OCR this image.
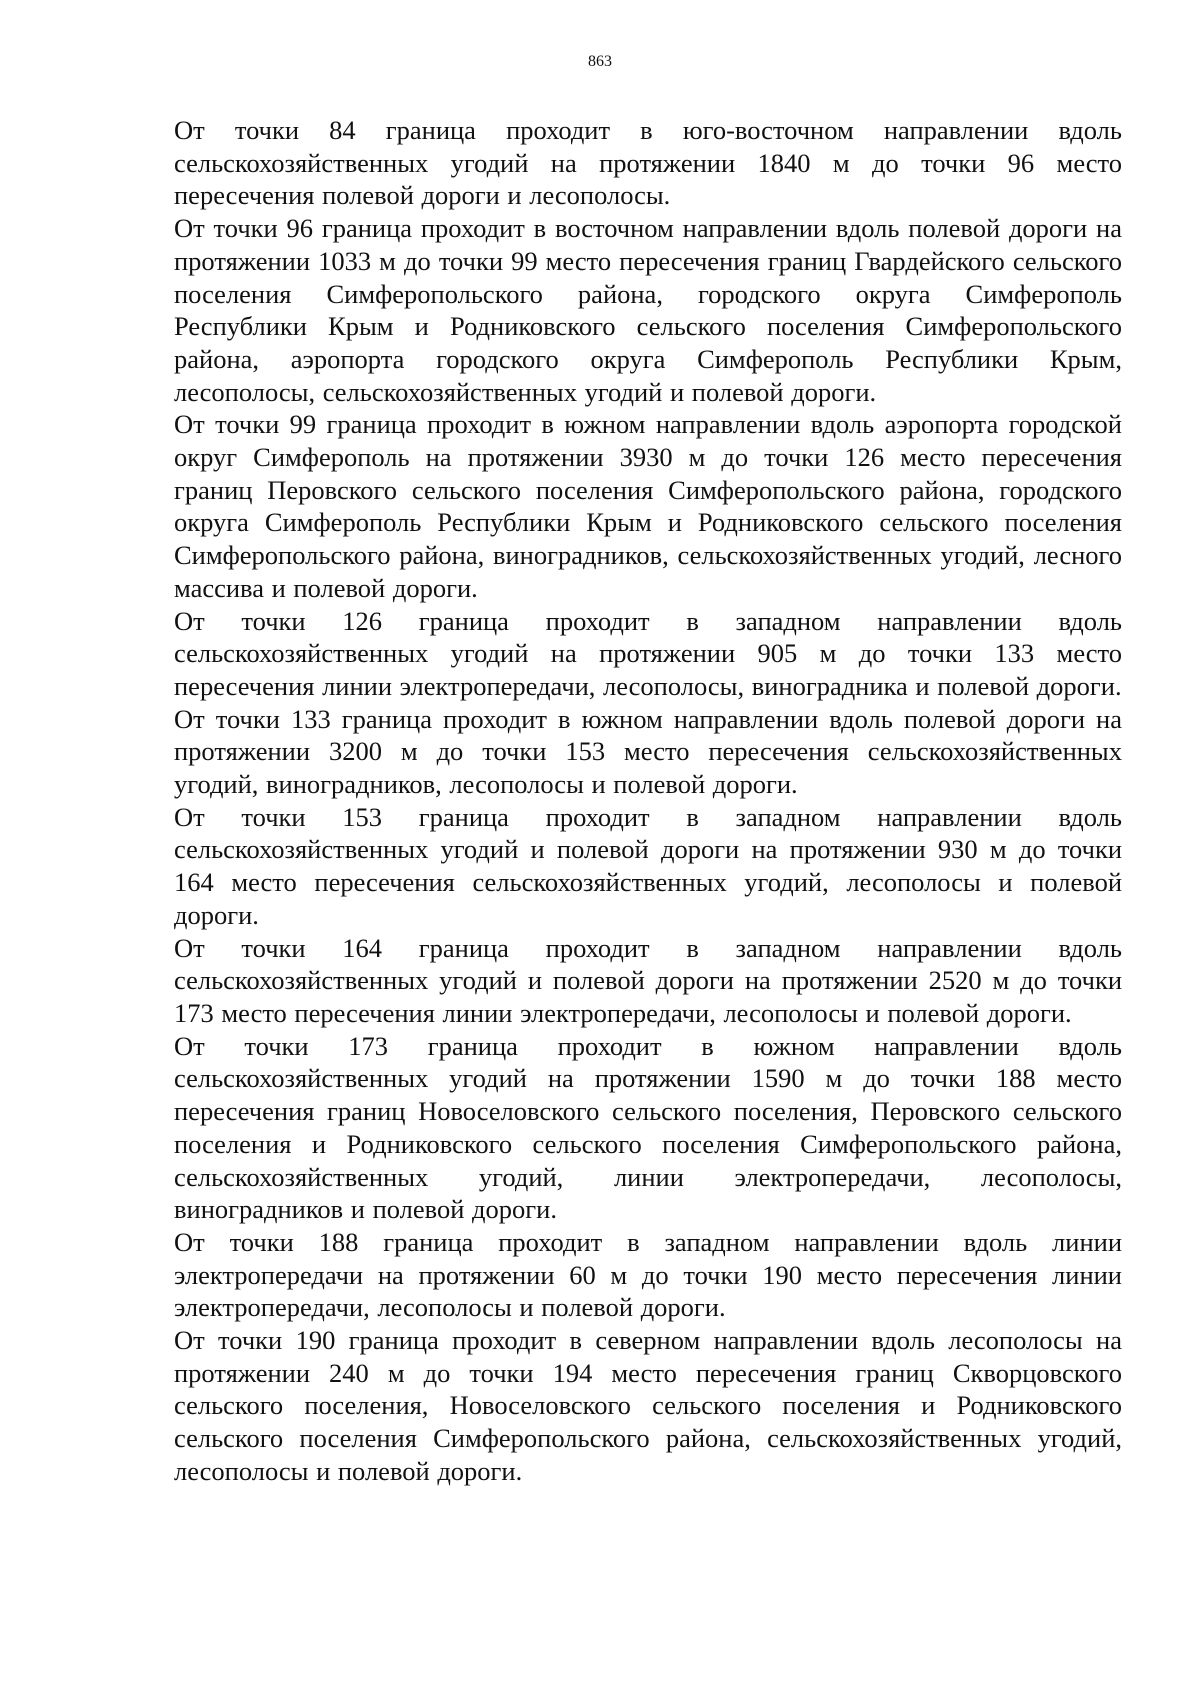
863

От точки 84 граница проходит в юго-восточном направлении вдоль сельскохозяйственных угодий на протяжении 1840 м до точки 96 место пересечения полевой дороги и лесополосы.

От точки 96 граница проходит в восточном направлении вдоль полевой дороги на протяжении 1033 м до точки 99 место пересечения границ Гвардейского сельского поселения Симферопольского района, городского округа Симферополь Республики Крым и Родниковского сельского поселения Симферопольского района, аэропорта городского округа Симферополь Республики Крым, лесополосы, сельскохозяйственных угодий и полевой дороги.

От точки 99 граница проходит в южном направлении вдоль аэропорта городской округ Симферополь на протяжении 3930 м до точки 126 место пересечения границ Перовского сельского поселения Симферопольского района, городского округа Симферополь Республики Крым и Родниковского сельского поселения Симферопольского района, виноградников, сельскохозяйственных угодий, лесного массива и полевой дороги.

От точки 126 граница проходит в западном направлении вдоль сельскохозяйственных угодий на протяжении 905 м до точки 133 место пересечения линии электропередачи, лесополосы, виноградника и полевой дороги.

От точки 133 граница проходит в южном направлении вдоль полевой дороги на протяжении 3200 м до точки 153 место пересечения сельскохозяйственных угодий, виноградников, лесополосы и полевой дороги.

От точки 153 граница проходит в западном направлении вдоль сельскохозяйственных угодий и полевой дороги на протяжении 930 м до точки 164 место пересечения сельскохозяйственных угодий, лесополосы и полевой дороги.

От точки 164 граница проходит в западном направлении вдоль сельскохозяйственных угодий и полевой дороги на протяжении 2520 м до точки 173 место пересечения линии электропередачи, лесополосы и полевой дороги.

От точки 173 граница проходит в южном направлении вдоль сельскохозяйственных угодий на протяжении 1590 м до точки 188 место пересечения границ Новоселовского сельского поселения, Перовского сельского поселения и Родниковского сельского поселения Симферопольского района, сельскохозяйственных угодий, линии электропередачи, лесополосы, виноградников и полевой дороги.

От точки 188 граница проходит в западном направлении вдоль линии электропередачи на протяжении 60 м до точки 190 место пересечения линии электропередачи, лесополосы и полевой дороги.

От точки 190 граница проходит в северном направлении вдоль лесополосы на протяжении 240 м до точки 194 место пересечения границ Скворцовского сельского поселения, Новоселовского сельского поселения и Родниковского сельского поселения Симферопольского района, сельскохозяйственных угодий, лесополосы и полевой дороги.
